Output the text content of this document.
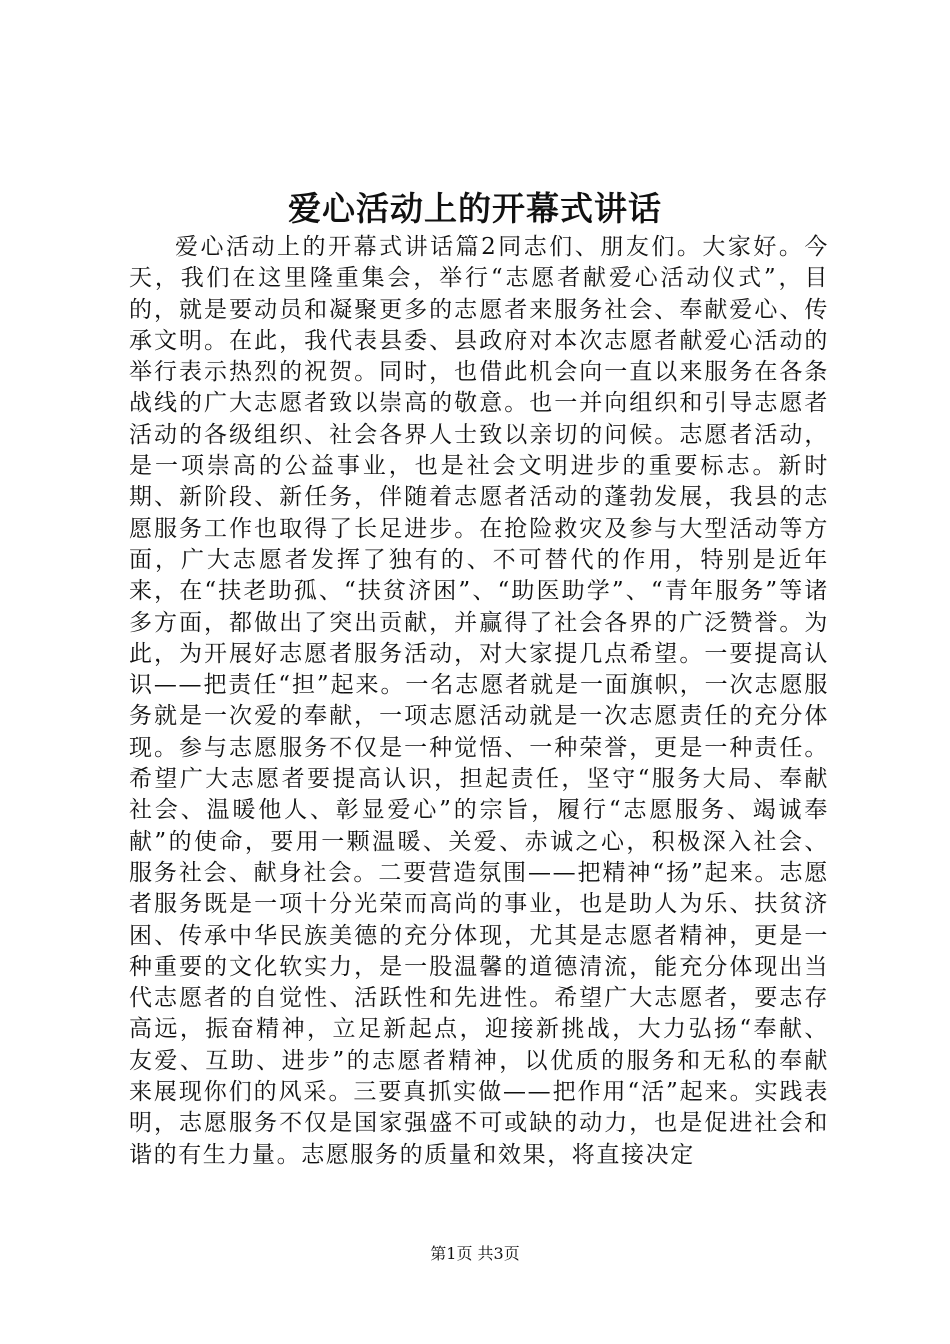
爱心活动上的开幕式讲话

爱心活动上的开幕式讲话篇2同志们、朋友们。大家好。今天，我们在这里隆重集会，举行“志愿者献爱心活动仪式”，目的，就是要动员和凝聚更多的志愿者来服务社会、奉献爱心、传承文明。在此，我代表县委、县政府对本次志愿者献爱心活动的举行表示热烈的祝贺。同时，也借此机会向一直以来服务在各条战线的广大志愿者致以崇高的敬意。也一并向组织和引导志愿者活动的各级组织、社会各界人士致以亲切的问候。志愿者活动，是一项崇高的公益事业，也是社会文明进步的重要标志。新时期、新阶段、新任务，伴随着志愿者活动的蓬勃发展，我县的志愿服务工作也取得了长足进步。在抢险救灾及参与大型活动等方面，广大志愿者发挥了独有的、不可替代的作用，特别是近年来，在“扶老助孤、“扶贫济困”、“助医助学”、“青年服务”等诸多方面，都做出了突出贡献，并赢得了社会各界的广泛赞誉。为此，为开展好志愿者服务活动，对大家提几点希望。一要提高认识——把责任“担”起来。一名志愿者就是一面旗帜，一次志愿服务就是一次爱的奉献，一项志愿活动就是一次志愿责任的充分体现。参与志愿服务不仅是一种觉悟、一种荣誉，更是一种责任。希望广大志愿者要提高认识，担起责任，坚守“服务大局、奉献社会、温暖他人、彰显爱心”的宗旨，履行“志愿服务、竭诚奉献”的使命，要用一颗温暖、关爱、赤诚之心，积极深入社会、服务社会、献身社会。二要营造氛围——把精神“扬”起来。志愿者服务既是一项十分光荣而高尚的事业，也是助人为乐、扶贫济困、传承中华民族美德的充分体现，尤其是志愿者精神，更是一种重要的文化软实力，是一股温馨的道德清流，能充分体现出当代志愿者的自觉性、活跃性和先进性。希望广大志愿者，要志存高远，振奋精神，立足新起点，迎接新挑战，大力弘扬“奉献、友爱、互助、进步”的志愿者精神，以优质的服务和无私的奉献来展现你们的风采。三要真抓实做——把作用“活”起来。实践表明，志愿服务不仅是国家强盛不可或缺的动力，也是促进社会和谐的有生力量。志愿服务的质量和效果，将直接决定

第1页 共3页
